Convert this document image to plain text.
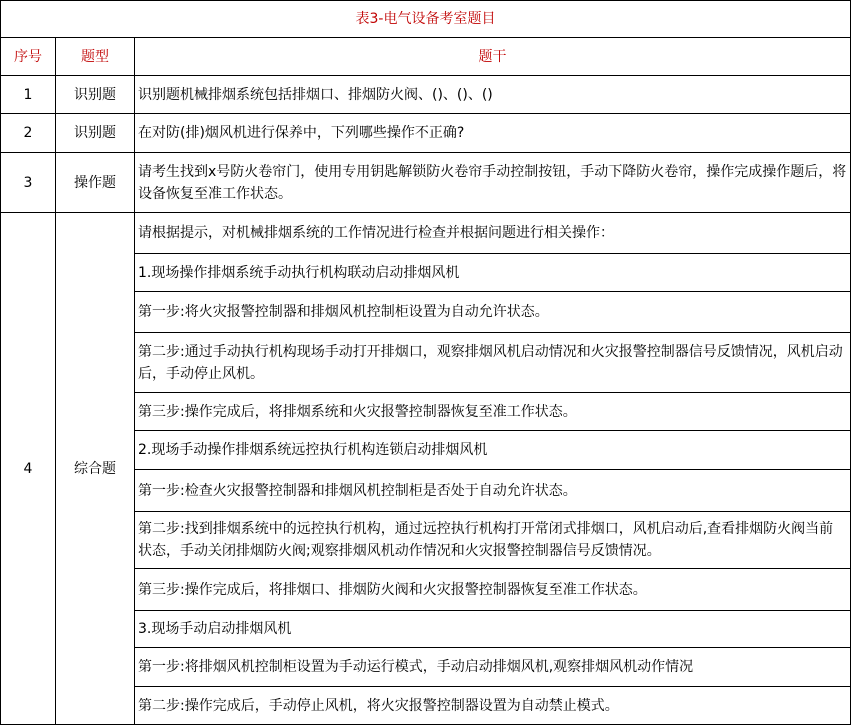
表3-电气设备考室题目		
序号	题型	题干
1	识别题	识别题机械排烟系统包括排烟口、排烟防火阀、()、()、()
2	识别题	在对防(排)烟风机进行保养中，下列哪些操作不正确?
3	操作题	请考生找到x号防火卷帘门，使用专用钥匙解锁防火卷帘手动控制按钮，手动下降防火卷帘，操作完成操作题后，将设备恢复至准工作状态。
4	综合题	请根据提示，对机械排烟系统的工作情况进行检查并根据问题进行相关操作：
		1.现场操作排烟系统手动执行机构联动启动排烟风机
		第一步:将火灾报警控制器和排烟风机控制柜设置为自动允许状态。
		第二步:通过手动执行机构现场手动打开排烟口，观察排烟风机启动情况和火灾报警控制器信号反馈情况，风机启动后，手动停止风机。
		第三步:操作完成后，将排烟系统和火灾报警控制器恢复至准工作状态。
		2.现场手动操作排烟系统远控执行机构连锁启动排烟风机
		第一步:检查火灾报警控制器和排烟风机控制柜是否处于自动允许状态。
		第二步:找到排烟系统中的远控执行机构，通过远控执行机构打开常闭式排烟口，风机启动后,查看排烟防火阀当前状态，手动关闭排烟防火阀;观察排烟风机动作情况和火灾报警控制器信号反馈情况。
		第三步:操作完成后，将排烟口、排烟防火阀和火灾报警控制器恢复至准工作状态。
		3.现场手动启动排烟风机
		第一步:将排烟风机控制柜设置为手动运行模式，手动启动排烟风机,观察排烟风机动作情况
		第二步:操作完成后，手动停止风机，将火灾报警控制器设置为自动禁止模式。
